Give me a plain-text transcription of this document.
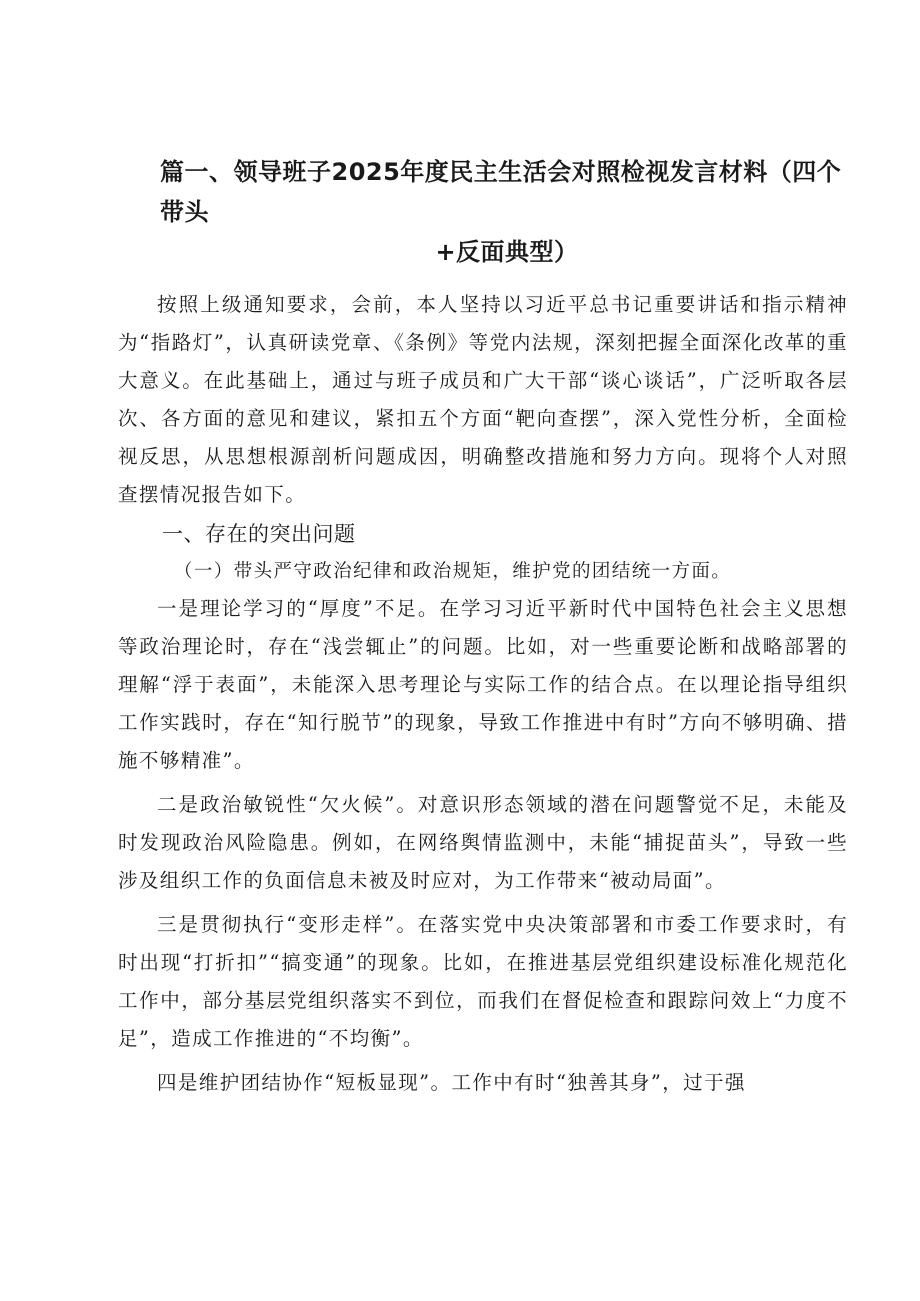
篇一、领导班子2025年度民主生活会对照检视发言材料（四个带头
+反面典型）

按照上级通知要求，会前，本人坚持以习近平总书记重要讲话和指示精神为“指路灯”，认真研读党章、《条例》等党内法规，深刻把握全面深化改革的重大意义。在此基础上，通过与班子成员和广大干部“谈心谈话”，广泛听取各层次、各方面的意见和建议，紧扣五个方面“靶向查摆”，深入党性分析，全面检视反思，从思想根源剖析问题成因，明确整改措施和努力方向。现将个人对照查摆情况报告如下。

一、存在的突出问题

（一）带头严守政治纪律和政治规矩，维护党的团结统一方面。

一是理论学习的“厚度”不足。在学习习近平新时代中国特色社会主义思想等政治理论时，存在“浅尝辄止”的问题。比如，对一些重要论断和战略部署的理解“浮于表面”，未能深入思考理论与实际工作的结合点。在以理论指导组织工作实践时，存在“知行脱节”的现象，导致工作推进中有时”方向不够明确、措施不够精准”。

二是政治敏锐性“欠火候”。对意识形态领域的潜在问题警觉不足，未能及时发现政治风险隐患。例如，在网络舆情监测中，未能“捕捉苗头”，导致一些涉及组织工作的负面信息未被及时应对，为工作带来“被动局面”。

三是贯彻执行“变形走样”。在落实党中央决策部署和市委工作要求时，有时出现“打折扣”“搞变通”的现象。比如，在推进基层党组织建设标准化规范化工作中，部分基层党组织落实不到位，而我们在督促检查和跟踪问效上“力度不足”，造成工作推进的“不均衡”。

四是维护团结协作“短板显现”。工作中有时“独善其身”，过于强
